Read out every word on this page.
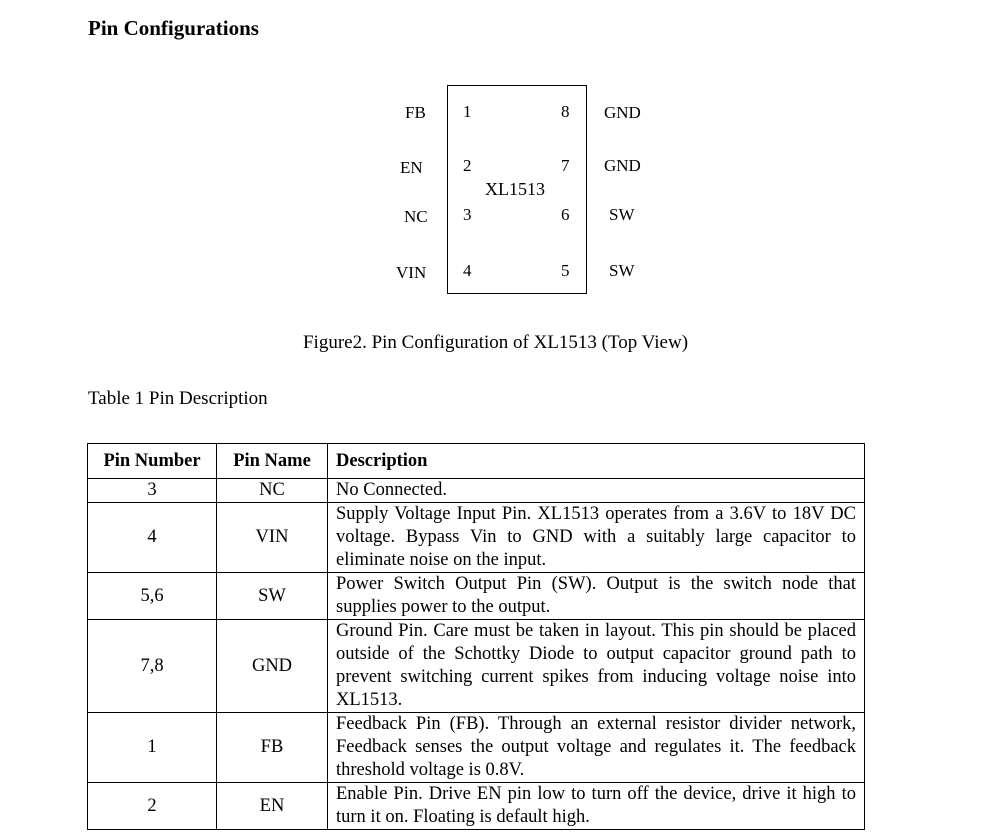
Pin Configurations
XL1513
FB
EN
NC
VIN
1
2
3
4
8
7
6
5
GND
GND
SW
SW
Figure2. Pin Configuration of XL1513 (Top View)
Table 1 Pin Description
Pin Number	Pin Name	Description
3	NC	No Connected.
4	VIN	Supply Voltage Input Pin. XL1513 operates from a 3.6V to 18V DC voltage. Bypass Vin to GND with a suitably large capacitor to eliminate noise on the input.
5,6	SW	Power Switch Output Pin (SW). Output is the switch node that supplies power to the output.
7,8	GND	Ground Pin. Care must be taken in layout. This pin should be placed outside of the Schottky Diode to output capacitor ground path to prevent switching current spikes from inducing voltage noise into XL1513.
1	FB	Feedback Pin (FB). Through an external resistor divider network, Feedback senses the output voltage and regulates it. The feedback threshold voltage is 0.8V.
2	EN	Enable Pin. Drive EN pin low to turn off the device, drive it high to turn it on. Floating is default high.
